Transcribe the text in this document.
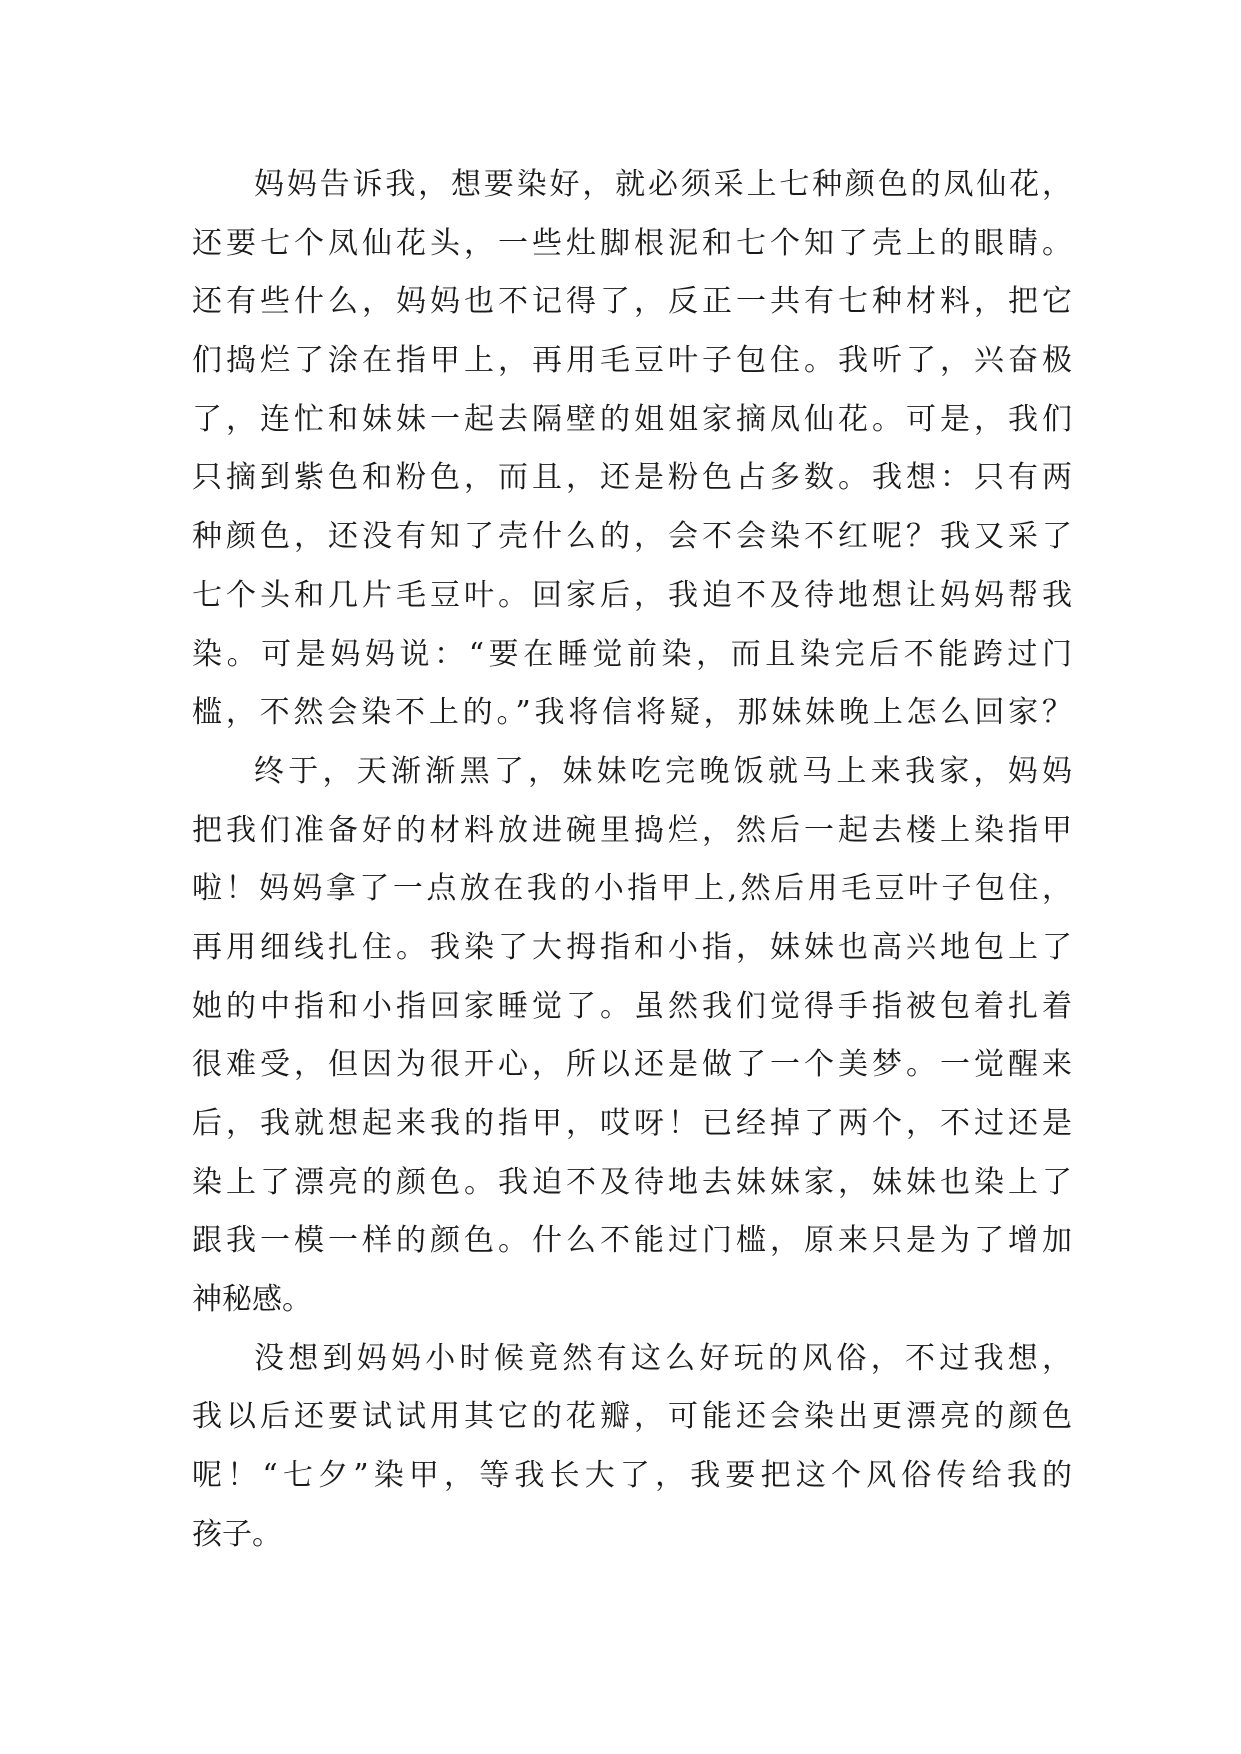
妈妈告诉我，想要染好，就必须采上七种颜色的凤仙花，
还要七个凤仙花头，一些灶脚根泥和七个知了壳上的眼睛。
还有些什么，妈妈也不记得了，反正一共有七种材料，把它
们捣烂了涂在指甲上，再用毛豆叶子包住。我听了，兴奋极
了，连忙和妹妹一起去隔壁的姐姐家摘凤仙花。可是，我们
只摘到紫色和粉色，而且，还是粉色占多数。我想：只有两
种颜色，还没有知了壳什么的，会不会染不红呢？我又采了
七个头和几片毛豆叶。回家后，我迫不及待地想让妈妈帮我
染。可是妈妈说：“要在睡觉前染，而且染完后不能跨过门
槛，不然会染不上的。”我将信将疑，那妹妹晚上怎么回家？
终于，天渐渐黑了，妹妹吃完晚饭就马上来我家，妈妈
把我们准备好的材料放进碗里捣烂，然后一起去楼上染指甲
啦！妈妈拿了一点放在我的小指甲上,然后用毛豆叶子包住，
再用细线扎住。我染了大拇指和小指，妹妹也高兴地包上了
她的中指和小指回家睡觉了。虽然我们觉得手指被包着扎着
很难受，但因为很开心，所以还是做了一个美梦。一觉醒来
后，我就想起来我的指甲，哎呀！已经掉了两个，不过还是
染上了漂亮的颜色。我迫不及待地去妹妹家，妹妹也染上了
跟我一模一样的颜色。什么不能过门槛，原来只是为了增加
神秘感。
没想到妈妈小时候竟然有这么好玩的风俗，不过我想，
我以后还要试试用其它的花瓣，可能还会染出更漂亮的颜色
呢！“七夕”染甲，等我长大了，我要把这个风俗传给我的
孩子。
